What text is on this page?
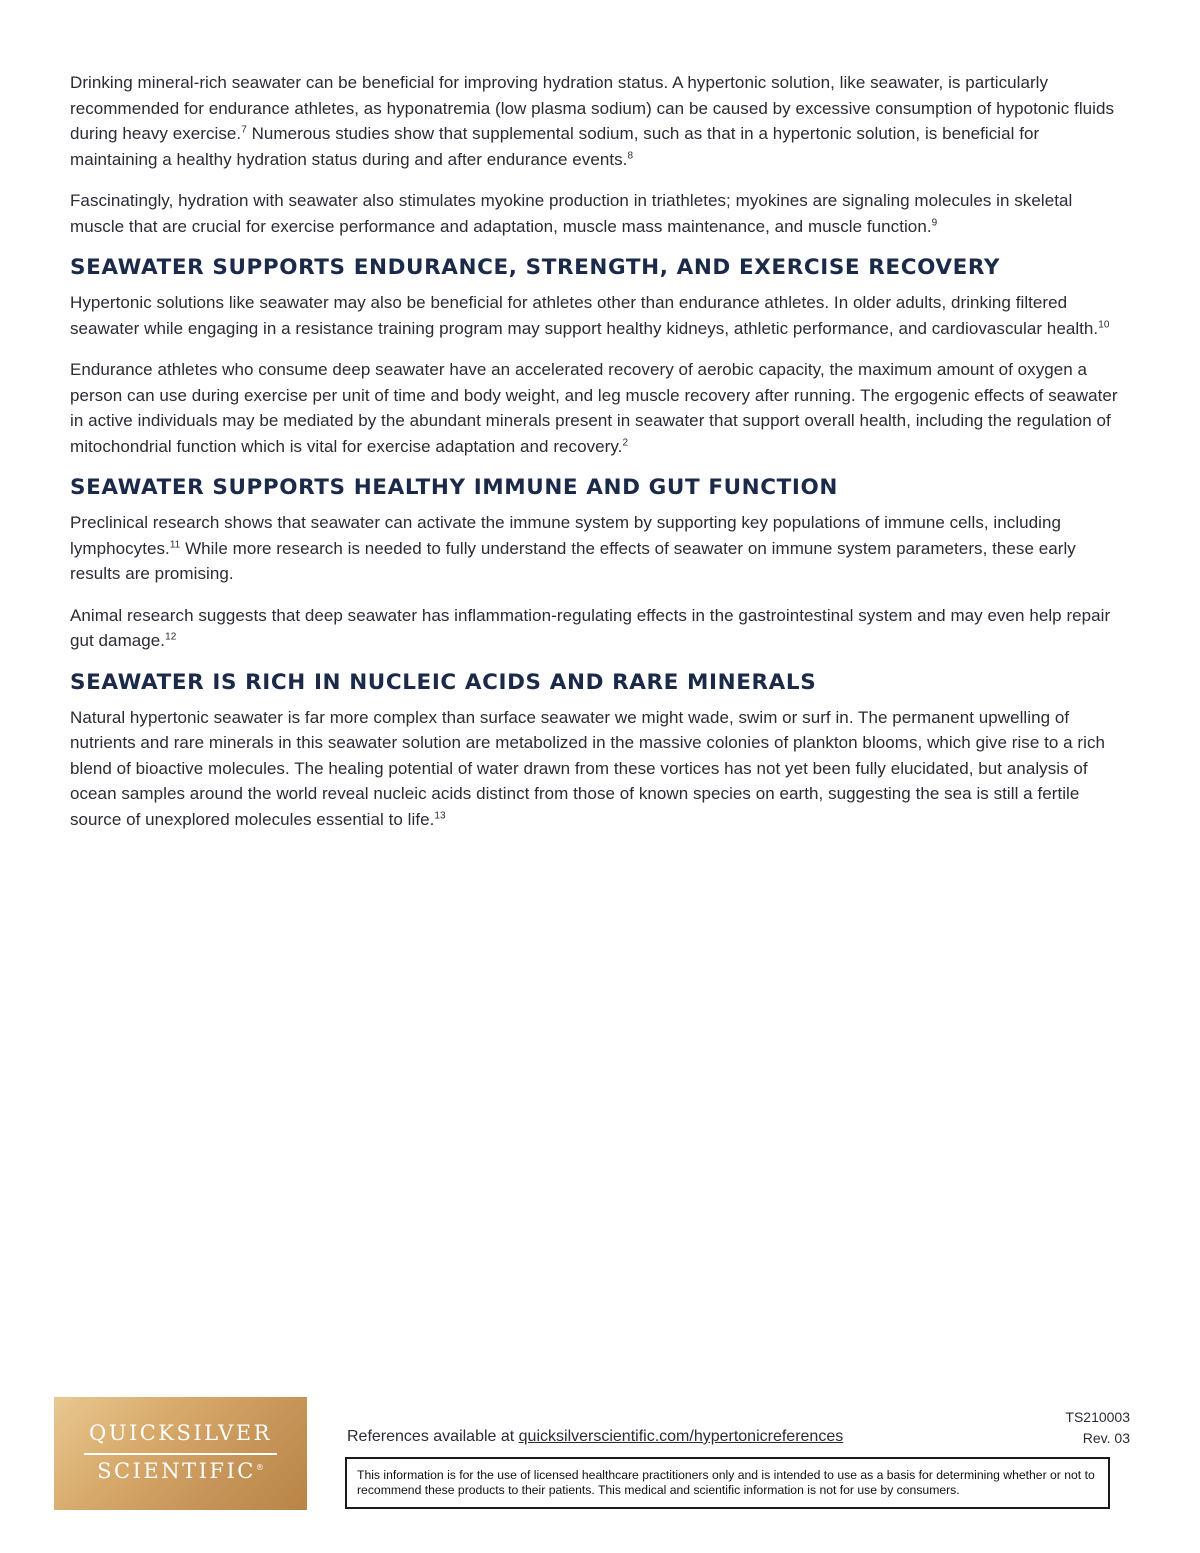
Drinking mineral-rich seawater can be beneficial for improving hydration status. A hypertonic solution, like seawater, is particularly recommended for endurance athletes, as hyponatremia (low plasma sodium) can be caused by excessive consumption of hypotonic fluids during heavy exercise.$^7$ Numerous studies show that supplemental sodium, such as that in a hypertonic solution, is beneficial for maintaining a healthy hydration status during and after endurance events.$^8$

Fascinatingly, hydration with seawater also stimulates myokine production in triathletes; myokines are signaling molecules in skeletal muscle that are crucial for exercise performance and adaptation, muscle mass maintenance, and muscle function.$^9$

SEAWATER SUPPORTS ENDURANCE, STRENGTH, AND EXERCISE RECOVERY

Hypertonic solutions like seawater may also be beneficial for athletes other than endurance athletes. In older adults, drinking filtered seawater while engaging in a resistance training program may support healthy kidneys, athletic performance, and cardiovascular health.$^{10}$

Endurance athletes who consume deep seawater have an accelerated recovery of aerobic capacity, the maximum amount of oxygen a person can use during exercise per unit of time and body weight, and leg muscle recovery after running. The ergogenic effects of seawater in active individuals may be mediated by the abundant minerals present in seawater that support overall health, including the regulation of mitochondrial function which is vital for exercise adaptation and recovery.$^2$

SEAWATER SUPPORTS HEALTHY IMMUNE AND GUT FUNCTION

Preclinical research shows that seawater can activate the immune system by supporting key populations of immune cells, including lymphocytes.$^{11}$ While more research is needed to fully understand the effects of seawater on immune system parameters, these early results are promising.

Animal research suggests that deep seawater has inflammation-regulating effects in the gastrointestinal system and may even help repair gut damage.$^{12}$

SEAWATER IS RICH IN NUCLEIC ACIDS AND RARE MINERALS

Natural hypertonic seawater is far more complex than surface seawater we might wade, swim or surf in. The permanent upwelling of nutrients and rare minerals in this seawater solution are metabolized in the massive colonies of plankton blooms, which give rise to a rich blend of bioactive molecules. The healing potential of water drawn from these vortices has not yet been fully elucidated, but analysis of ocean samples around the world reveal nucleic acids distinct from those of known species on earth, suggesting the sea is still a fertile source of unexplored molecules essential to life.$^{13}$

QUICKSILVER
SCIENTIFIC®
References available at quicksilverscientific.com/hypertonicreferences
TS210003
Rev. 03
This information is for the use of licensed healthcare practitioners only and is intended to use as a basis for determining whether or not to recommend these products to their patients. This medical and scientific information is not for use by consumers.
